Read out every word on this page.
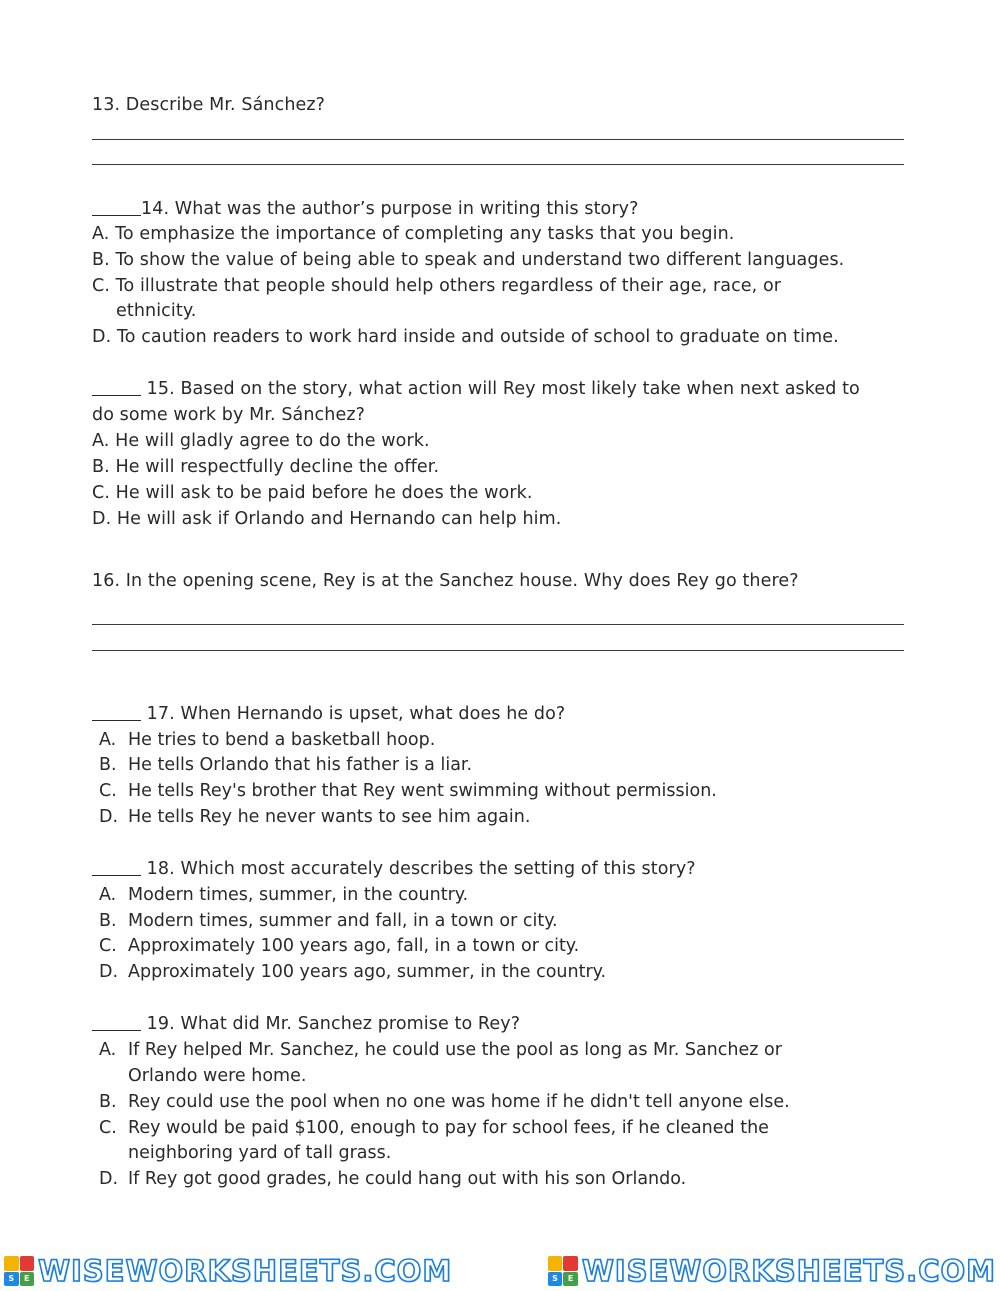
13. Describe Mr. Sánchez?
14. What was the author’s purpose in writing this story?
A. To emphasize the importance of completing any tasks that you begin.
B. To show the value of being able to speak and understand two different languages.
C. To illustrate that people should help others regardless of their age, race, or
ethnicity.
D. To caution readers to work hard inside and outside of school to graduate on time.
15. Based on the story, what action will Rey most likely take when next asked to
do some work by Mr. Sánchez?
A. He will gladly agree to do the work.
B. He will respectfully decline the offer.
C. He will ask to be paid before he does the work.
D. He will ask if Orlando and Hernando can help him.
16. In the opening scene, Rey is at the Sanchez house. Why does Rey go there?
17. When Hernando is upset, what does he do?
A. He tries to bend a basketball hoop.
B. He tells Orlando that his father is a liar.
C. He tells Rey's brother that Rey went swimming without permission.
D. He tells Rey he never wants to see him again.
18. Which most accurately describes the setting of this story?
A. Modern times, summer, in the country.
B. Modern times, summer and fall, in a town or city.
C. Approximately 100 years ago, fall, in a town or city.
D. Approximately 100 years ago, summer, in the country.
19. What did Mr. Sanchez promise to Rey?
A. If Rey helped Mr. Sanchez, he could use the pool as long as Mr. Sanchez or
Orlando were home.
B. Rey could use the pool when no one was home if he didn't tell anyone else.
C. Rey would be paid $100, enough to pay for school fees, if he cleaned the
neighboring yard of tall grass.
D. If Rey got good grades, he could hang out with his son Orlando.
S	E WISEWORKSHEETS.COM	S	E WISEWORKSHEETS.COM
